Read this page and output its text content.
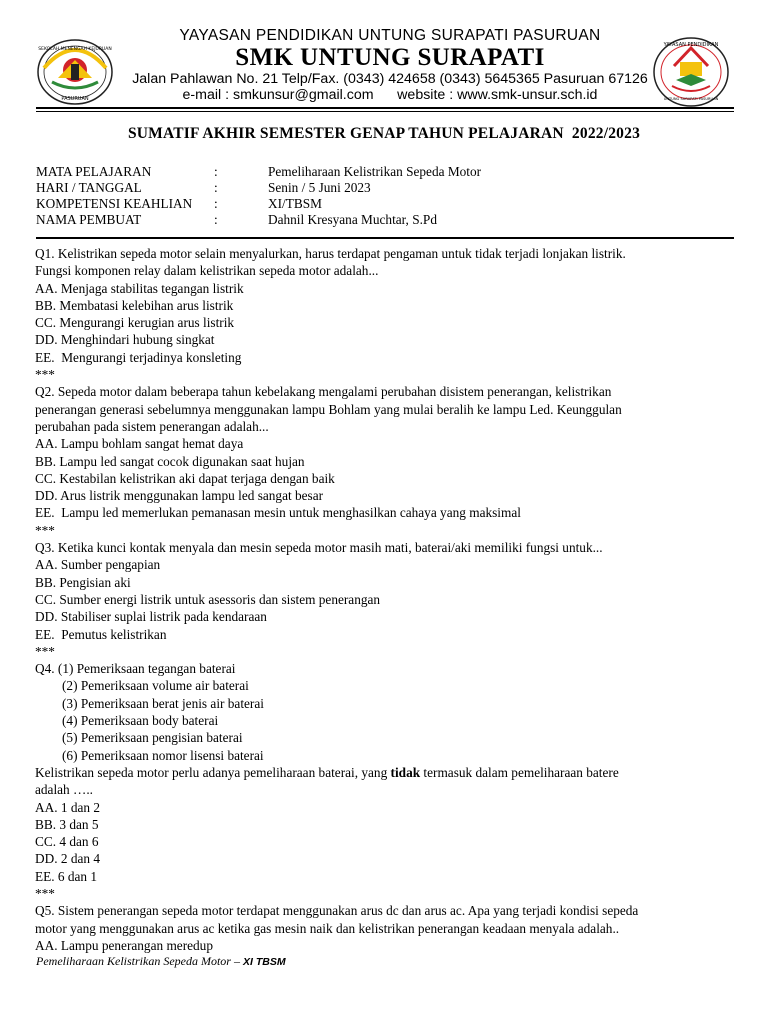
SEKOLAH MENENGAH KEJURUAN
PASURUAN
YAYASAN PENDIDIKAN UNTUNG SURAPATI PASURUAN
SMK UNTUNG SURAPATI
Jalan Pahlawan No. 21 Telp/Fax. (0343) 424658 (0343) 5645365 Pasuruan 67126
e-mail : smkunsur@gmail.com      website : www.smk-unsur.sch.id
YAYASAN PENDIDIKAN
UNTUNG SURAPATI PASURUAN
SUMATIF AKHIR SEMESTER GENAP TAHUN PELAJARAN  2022/2023
MATA PELAJARAN	:	Pemeliharaan Kelistrikan Sepeda Motor
HARI / TANGGAL	:	Senin / 5 Juni 2023
KOMPETENSI KEAHLIAN :	XI/TBSM
NAMA PEMBUAT	:	Dahnil Kresyana Muchtar, S.Pd
Q1. Kelistrikan sepeda motor selain menyalurkan, harus terdapat pengaman untuk tidak terjadi lonjakan listrik.
Fungsi komponen relay dalam kelistrikan sepeda motor adalah...
AA. Menjaga stabilitas tegangan listrik
BB. Membatasi kelebihan arus listrik
CC. Mengurangi kerugian arus listrik
DD. Menghindari hubung singkat
EE.  Mengurangi terjadinya konsleting
***
Q2. Sepeda motor dalam beberapa tahun kebelakang mengalami perubahan disistem penerangan, kelistrikan
penerangan generasi sebelumnya menggunakan lampu Bohlam yang mulai beralih ke lampu Led. Keunggulan
perubahan pada sistem penerangan adalah...
AA. Lampu bohlam sangat hemat daya
BB. Lampu led sangat cocok digunakan saat hujan
CC. Kestabilan kelistrikan aki dapat terjaga dengan baik
DD. Arus listrik menggunakan lampu led sangat besar
EE.  Lampu led memerlukan pemanasan mesin untuk menghasilkan cahaya yang maksimal
***
Q3. Ketika kunci kontak menyala dan mesin sepeda motor masih mati, baterai/aki memiliki fungsi untuk...
AA. Sumber pengapian
BB. Pengisian aki
CC. Sumber energi listrik untuk asessoris dan sistem penerangan
DD. Stabiliser suplai listrik pada kendaraan
EE.  Pemutus kelistrikan
***
Q4. (1) Pemeriksaan tegangan baterai
(2) Pemeriksaan volume air baterai
(3) Pemeriksaan berat jenis air baterai
(4) Pemeriksaan body baterai
(5) Pemeriksaan pengisian baterai
(6) Pemeriksaan nomor lisensi baterai
Kelistrikan sepeda motor perlu adanya pemeliharaan baterai, yang tidak termasuk dalam pemeliharaan batere
adalah …..
AA. 1 dan 2
BB. 3 dan 5
CC. 4 dan 6
DD. 2 dan 4
EE. 6 dan 1
***
Q5. Sistem penerangan sepeda motor terdapat menggunakan arus dc dan arus ac. Apa yang terjadi kondisi sepeda
motor yang menggunakan arus ac ketika gas mesin naik dan kelistrikan penerangan keadaan menyala adalah..
AA. Lampu penerangan meredup
Pemeliharaan Kelistrikan Sepeda Motor – XI TBSM
